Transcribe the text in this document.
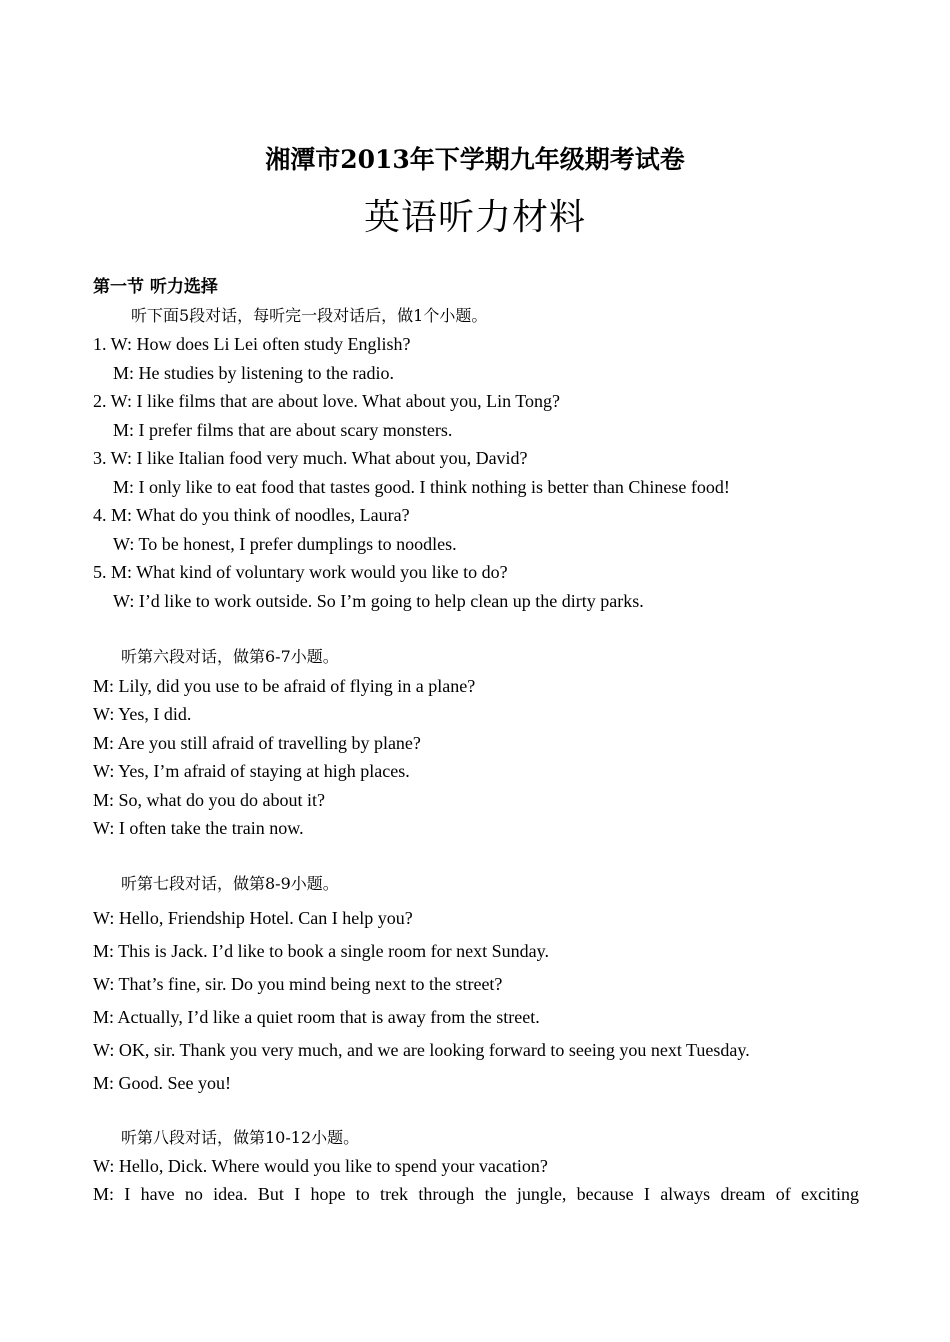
湘潭市2013年下学期九年级期考试卷
英语听力材料
第一节 听力选择
听下面5段对话，每听完一段对话后，做1个小题。
1. W: How does Li Lei often study English?
M: He studies by listening to the radio.
2. W: I like films that are about love. What about you, Lin Tong?
M: I prefer films that are about scary monsters.
3. W: I like Italian food very much. What about you, David?
M: I only like to eat food that tastes good. I think nothing is better than Chinese food!
4. M: What do you think of noodles, Laura?
W: To be honest, I prefer dumplings to noodles.
5. M: What kind of voluntary work would you like to do?
W: I’d like to work outside. So I’m going to help clean up the dirty parks.
听第六段对话，做第6-7小题。
M: Lily, did you use to be afraid of flying in a plane?
W: Yes, I did.
M: Are you still afraid of travelling by plane?
W: Yes, I’m afraid of staying at high places.
M: So, what do you do about it?
W: I often take the train now.
听第七段对话，做第8-9小题。
W: Hello, Friendship Hotel. Can I help you?
M: This is Jack. I’d like to book a single room for next Sunday.
W: That’s fine, sir. Do you mind being next to the street?
M: Actually, I’d like a quiet room that is away from the street.
W: OK, sir. Thank you very much, and we are looking forward to seeing you next Tuesday.
M: Good. See you!
听第八段对话，做第10-12小题。
W: Hello, Dick. Where would you like to spend your vacation?
M: I have no idea. But I hope to trek through the jungle, because I always dream of exciting
